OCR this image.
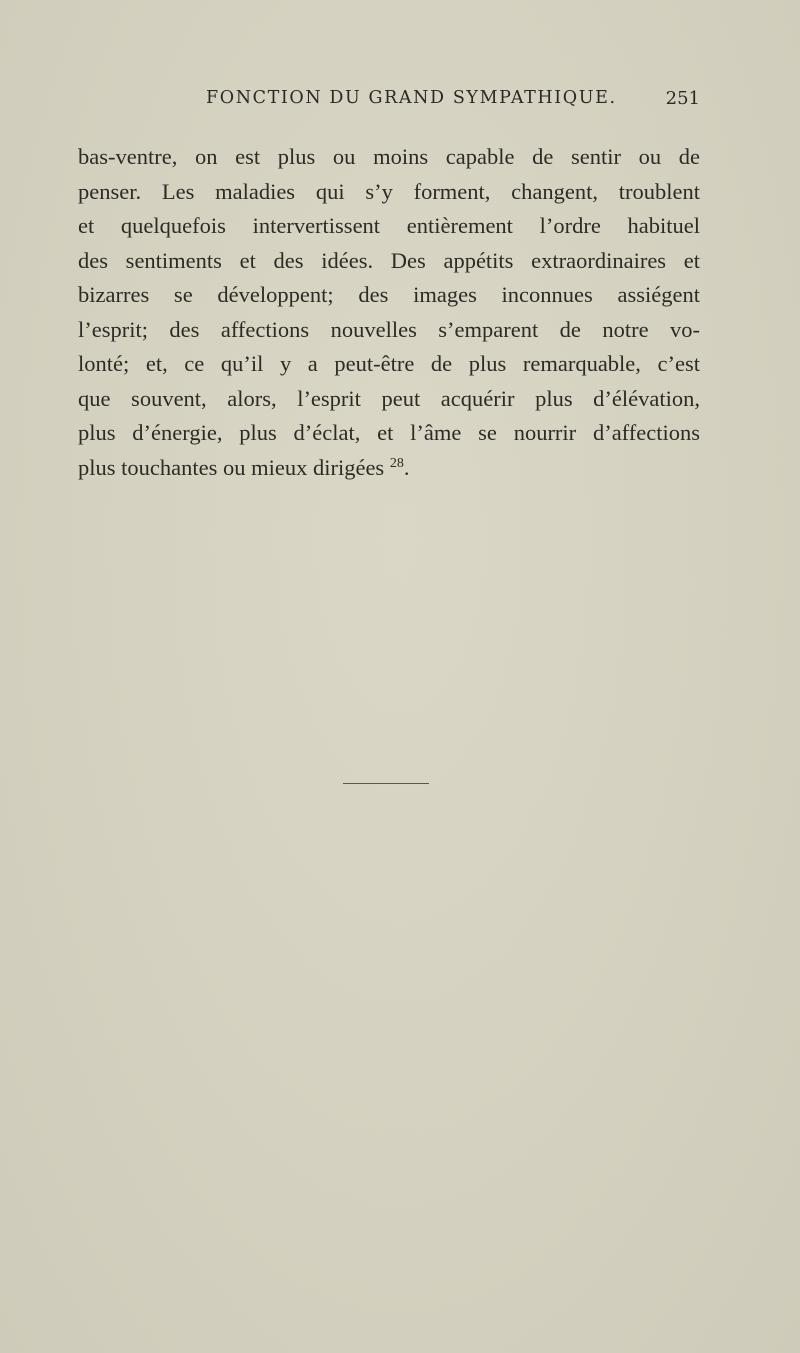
FONCTION DU GRAND SYMPATHIQUE.	251
bas-ventre, on est plus ou moins capable de sentir ou de
penser. Les maladies qui s’y forment, changent, troublent
et quelquefois intervertissent entièrement l’ordre habituel
des sentiments et des idées. Des appétits extraordinaires et
bizarres se développent; des images inconnues assiégent
l’esprit; des affections nouvelles s’emparent de notre vo-
lonté; et, ce qu’il y a peut-être de plus remarquable, c’est
que souvent, alors, l’esprit peut acquérir plus d’élévation,
plus d’énergie, plus d’éclat, et l’âme se nourrir d’affections
plus touchantes ou mieux dirigées $^{28}$.
